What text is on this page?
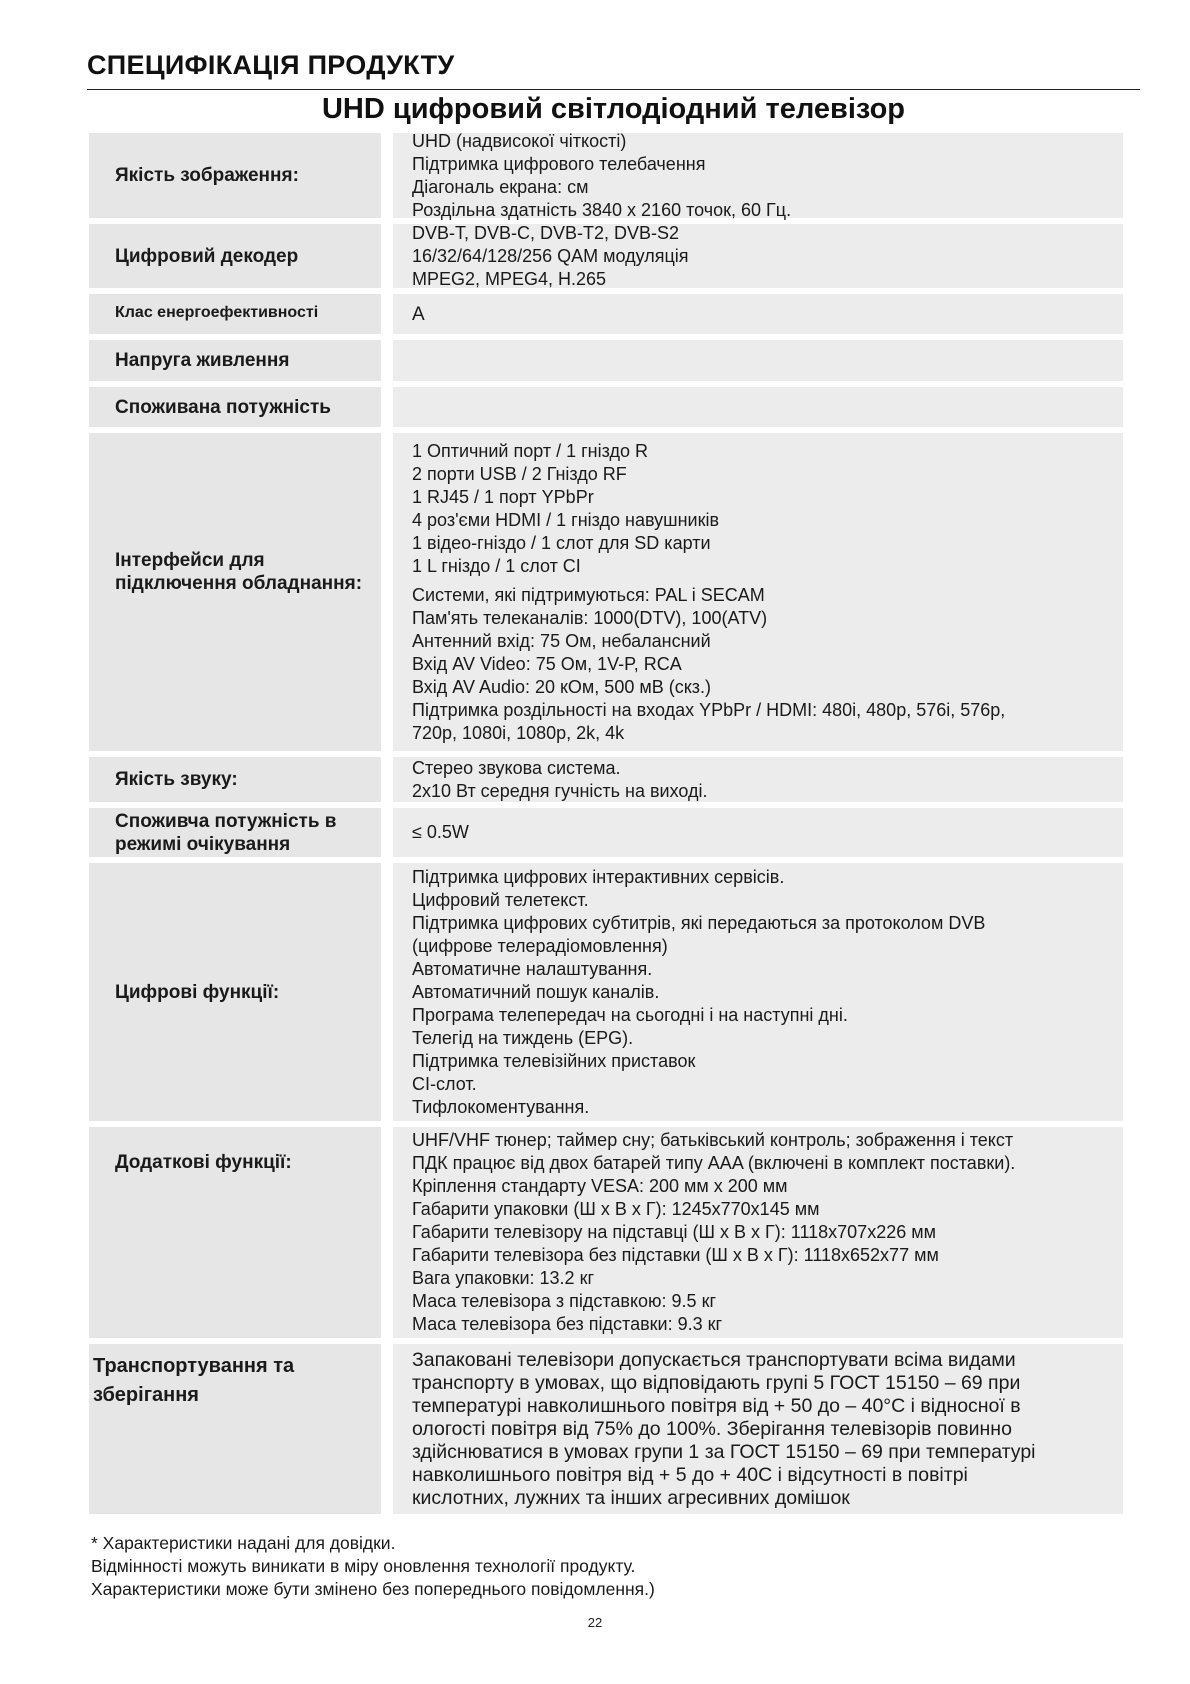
СПЕЦИФІКАЦІЯ ПРОДУКТУ
UHD цифровий світлодіодний телевізор
Якість зображення:
UHD (надвисокої чіткості)
Підтримка цифрового телебачення
Діагональ екрана: см
Роздільна здатність 3840 х 2160 точок, 60 Гц.
Цифровий декодер
DVB-T, DVB-C, DVB-T2, DVB-S2
16/32/64/128/256 QAM модуляція
MPEG2, MPEG4, H.265
Клас енергоефективності	A
Напруга живлення
Споживана потужність
Інтерфейси для підключення обладнання:
1 Оптичний порт / 1 гніздо R
2 порти USB / 2 Гніздо RF
1 RJ45 / 1 порт YPbPr
4 роз'єми HDMI / 1 гніздо навушників
1 відео-гніздо / 1 слот для SD карти
1 L гніздо / 1 слот CI
Системи, які підтримуються: PAL і SECAM
Пам'ять телеканалів: 1000(DTV), 100(ATV)
Антенний вхід: 75 Ом, небалансний
Вхід AV Video: 75 Ом, 1V-P, RCA
Вхід AV Audio: 20 кОм, 500 мВ (скз.)
Підтримка роздільності на входах YPbPr / HDMI: 480i, 480p, 576i, 576p,
720p, 1080i, 1080p, 2k, 4k
Якість звуку:
Стерео звукова система.
2x10 Вт середня гучність на виході.
Споживча потужність в режимі очікування
≤ 0.5W
Цифрові функції:
Підтримка цифрових інтерактивних сервісів.
Цифровий телетекст.
Підтримка цифрових субтитрів, які передаються за протоколом DVB
(цифрове телерадіомовлення)
Автоматичне налаштування.
Автоматичний пошук каналів.
Програма телепередач на сьогодні і на наступні дні.
Телегід на тиждень (EPG).
Підтримка телевізійних приставок
CI-слот.
Тифлокоментування.
Додаткові функції:
UHF/VHF тюнер; таймер сну; батьківський контроль; зображення і текст
ПДК працює від двох батарей типу AAA (включені в комплект поставки).
Кріплення стандарту VESA: 200 мм х 200 мм
Габарити упаковки (Ш х В х Г): 1245x770x145 мм
Габарити телевізору на підставці (Ш х В х Г): 1118x707x226 мм
Габарити телевізора без підставки (Ш х В х Г): 1118x652x77 мм
Вага упаковки: 13.2 кг
Маса телевізора з підставкою: 9.5 кг
Маса телевізора без підставки: 9.3 кг
Транспортування та зберігання
Запаковані телевізори допускається транспортувати всіма видами
транспорту в умовах, що відповідають групі 5 ГОСТ 15150 – 69 при
температурі навколишнього повітря від + 50 до – 40°C і відносної в
ологості повітря від 75% до 100%. Зберігання телевізорів повинно
здійснюватися в умовах групи 1 за ГОСТ 15150 – 69 при температурі
навколишнього повітря від + 5 до + 40C і відсутності в повітрі
кислотних, лужних та інших агресивних домішок
* Характеристики надані для довідки.
Відмінності можуть виникати в міру оновлення технології продукту.
Характеристики може бути змінено без попереднього повідомлення.)
22
